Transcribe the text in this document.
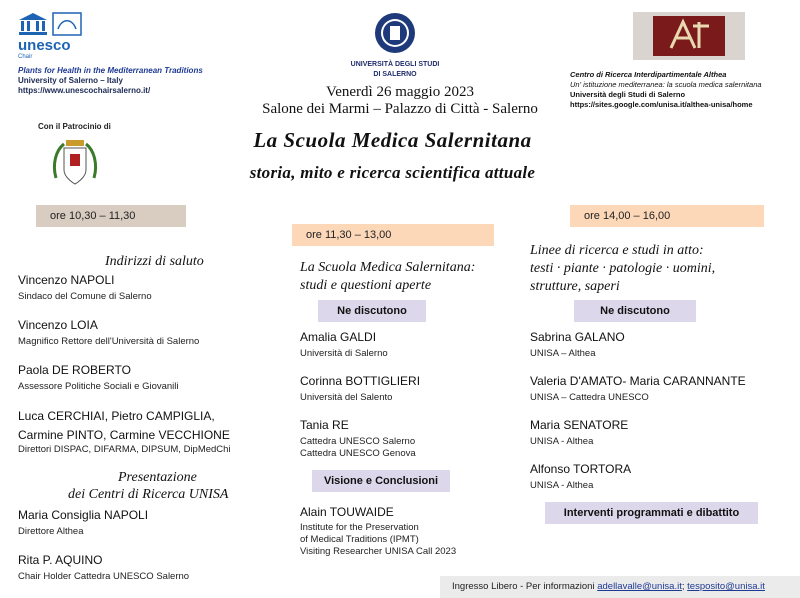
unesco
Chair
Plants for Health in the Mediterranean Traditions
University of Salerno – Italy
https://www.unescochairsalerno.it/
UNIVERSITÀ DEGLI STUDI
DI SALERNO
Venerdì 26 maggio 2023
Salone dei Marmi – Palazzo di Città - Salerno
Centro di Ricerca Interdipartimentale Althea
Un' istituzione mediterranea: la scuola medica salernitana
Università degli Studi di Salerno
https://sites.google.com/unisa.it/althea-unisa/home
Con il Patrocinio di
La Scuola Medica Salernitana
storia, mito e ricerca scientifica attuale
ore 10,30 – 11,30
ore 11,30 – 13,00
ore 14,00 – 16,00
Indirizzi di saluto
Vincenzo NAPOLI
Sindaco del Comune di Salerno
Vincenzo LOIA
Magnifico Rettore dell'Università di Salerno
Paola DE ROBERTO
Assessore Politiche Sociali e Giovanili
Luca CERCHIAI, Pietro CAMPIGLIA,
Carmine PINTO, Carmine VECCHIONE
Direttori DISPAC, DIFARMA, DIPSUM, DipMedChi
Presentazione
dei Centri di Ricerca UNISA
Maria Consiglia NAPOLI
Direttore Althea
Rita P. AQUINO
Chair Holder Cattedra UNESCO Salerno
La Scuola Medica Salernitana:
studi e questioni aperte
Ne discutono
Amalia GALDI
Università di Salerno
Corinna BOTTIGLIERI
Università del Salento
Tania RE
Cattedra UNESCO Salerno
Cattedra UNESCO Genova
Visione e Conclusioni
Alain TOUWAIDE
Institute for the Preservation
of Medical Traditions (IPMT)
Visiting Researcher UNISA Call 2023
Linee di ricerca e studi in atto:
testi · piante · patologie · uomini,
strutture, saperi
Ne discutono
Sabrina GALANO
UNISA – Althea
Valeria D'AMATO- Maria CARANNANTE
UNISA – Cattedra UNESCO
Maria SENATORE
UNISA - Althea
Alfonso TORTORA
UNISA - Althea
Interventi programmati e dibattito
Ingresso Libero - Per informazioni adellavalle@unisa.it; tesposito@unisa.it
